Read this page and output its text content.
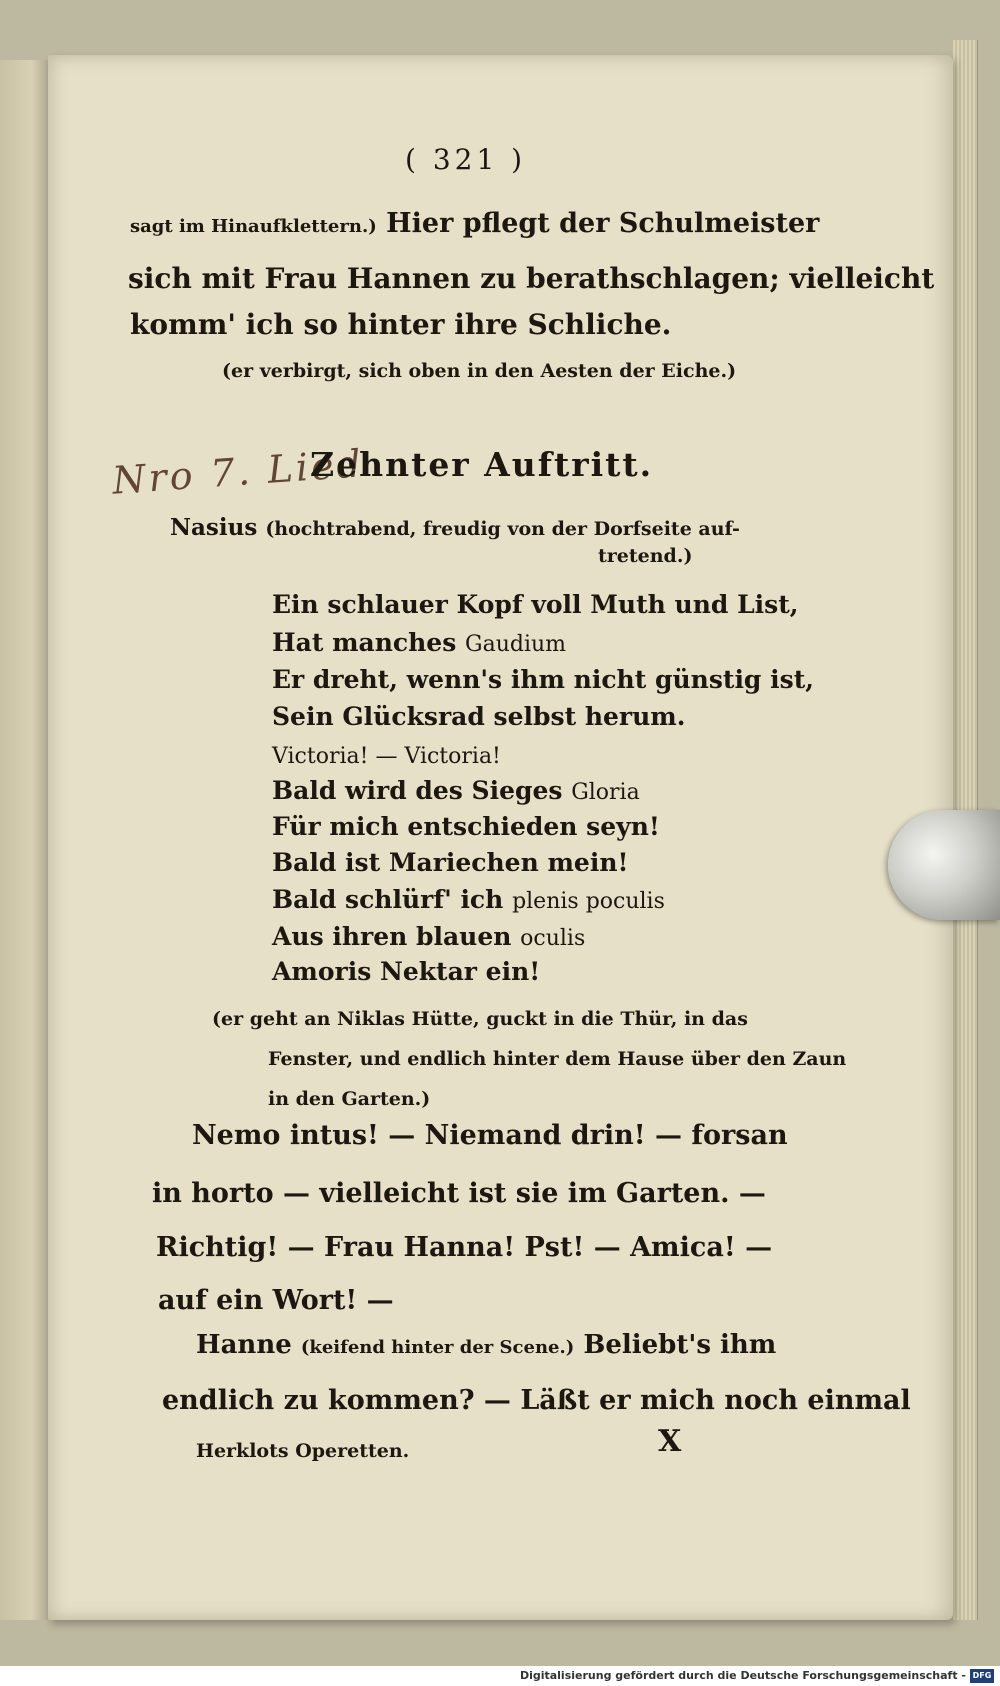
( 321 )
sagt im Hinaufklettern.) Hier pflegt der Schulmeister
sich mit Frau Hannen zu berathschlagen; vielleicht
komm' ich so hinter ihre Schliche.
(er verbirgt, sich oben in den Aesten der Eiche.)
Nro 7. Lied
Zehnter Auftritt.
Nasius (hochtrabend, freudig von der Dorfseite auf-
tretend.)
Ein schlauer Kopf voll Muth und List,
Hat manches Gaudium
Er dreht, wenn's ihm nicht günstig ist,
Sein Glücksrad selbst herum.
Victoria! — Victoria!
Bald wird des Sieges Gloria
Für mich entschieden seyn!
Bald ist Mariechen mein!
Bald schlürf' ich plenis poculis
Aus ihren blauen oculis
Amoris Nektar ein!
(er geht an Niklas Hütte, guckt in die Thür, in das
Fenster, und endlich hinter dem Hause über den Zaun
in den Garten.)
Nemo intus! — Niemand drin! — forsan
in horto — vielleicht ist sie im Garten. —
Richtig! — Frau Hanna! Pst! — Amica! —
auf ein Wort! —
Hanne (keifend hinter der Scene.) Beliebt's ihm
endlich zu kommen? — Läßt er mich noch einmal
Herklots Operetten.	X
Digitalisierung gefördert durch die Deutsche Forschungsgemeinschaft - DFG
